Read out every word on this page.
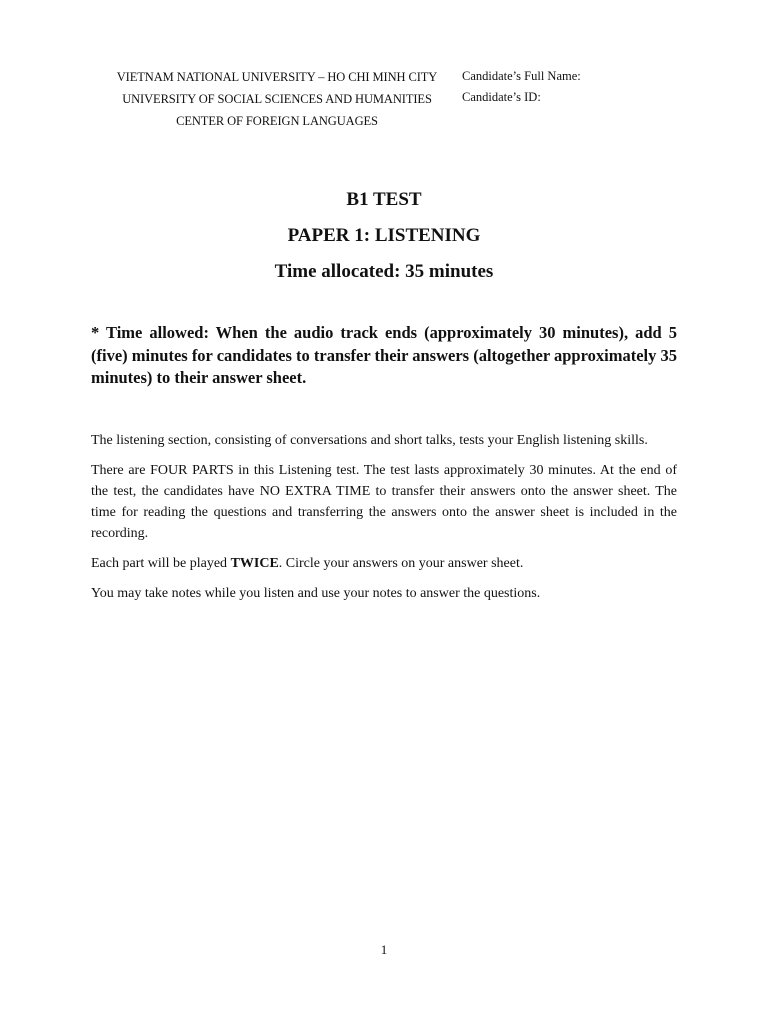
VIETNAM NATIONAL UNIVERSITY – HO CHI MINH CITY
UNIVERSITY OF SOCIAL SCIENCES AND HUMANITIES
CENTER OF FOREIGN LANGUAGES
Candidate’s Full Name:
Candidate’s ID:
B1 TEST
PAPER 1: LISTENING
Time allocated: 35 minutes
* Time allowed: When the audio track ends (approximately 30 minutes), add 5 (five) minutes for candidates to transfer their answers (altogether approximately 35 minutes) to their answer sheet.

The listening section, consisting of conversations and short talks, tests your English listening skills.

There are FOUR PARTS in this Listening test. The test lasts approximately 30 minutes. At the end of the test, the candidates have NO EXTRA TIME to transfer their answers onto the answer sheet. The time for reading the questions and transferring the answers onto the answer sheet is included in the recording.

Each part will be played TWICE. Circle your answers on your answer sheet.

You may take notes while you listen and use your notes to answer the questions.

1
